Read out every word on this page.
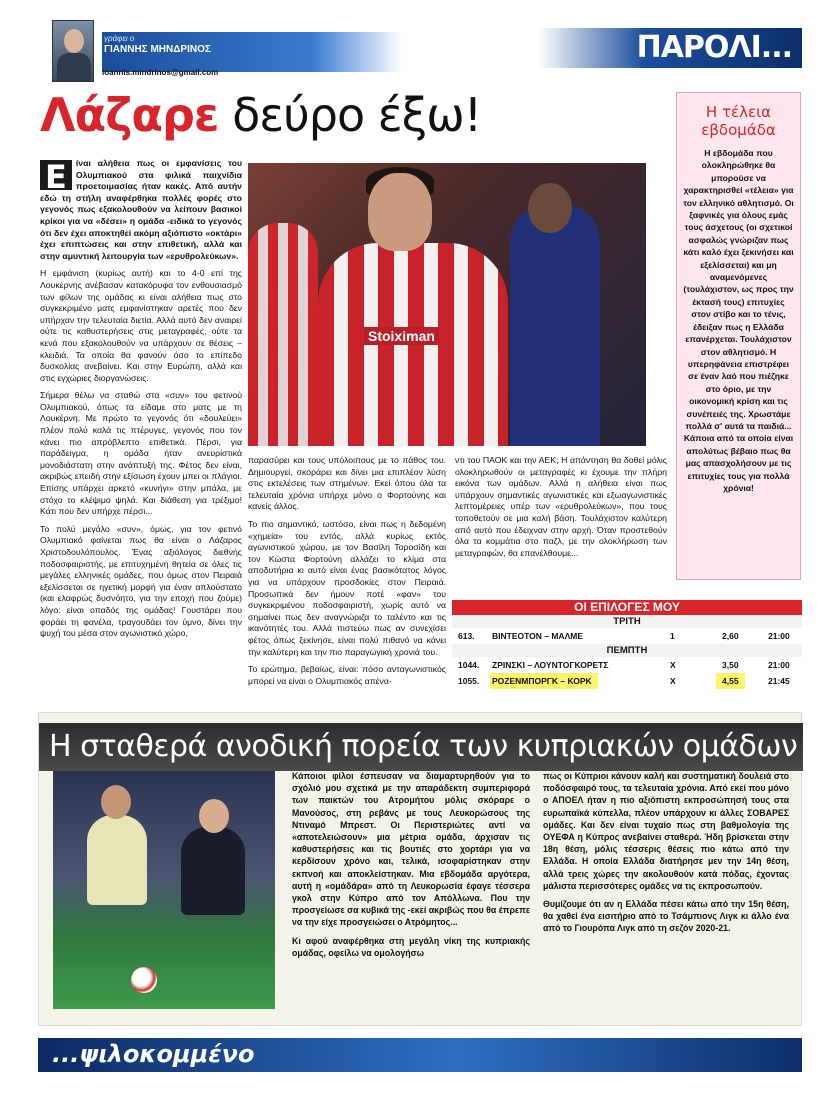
γράφει ο
ΓΙΑΝΝΗΣ ΜΗΝΔΡΙΝΟΣ
ioannis.mindrinos@gmail.com
ΠΑΡΟΛΙ...
Λάζαρε δεύρο έξω!

Ε	ίναι αλήθεια πως οι εμφανίσεις του Ολυμπιακού στα φιλικά παιχνίδια προετοιμασίας ήταν κακές. Από αυτήν εδώ τη στήλη αναφέρθηκα πολλές φορές στο γεγονός πως εξακολουθούν να λείπουν βασικοί κρίκοι για να «δέσει» η ομάδα -ειδικά το γεγονός ότι δεν έχει αποκτηθεί ακόμη αξιόπιστο «οκτάρι» έχει επιπτώσεις και στην επιθετική, αλλά και στην αμυντική λειτουργία των «ερυθρολεύκων».

Η εμφάνιση (κυρίως αυτή) και το 4-0 επί της Λουκέρνης ανέβασαν κατακόρυφα τον ενθουσιασμό των φίλων της ομάδας κι είναι αλήθεια πως στο συγκεκριμένο ματς εμφανίστηκαν αρετές που δεν υπήρχαν την τελευταία διετία. Αλλά αυτό δεν αναιρεί ούτε τις καθυστερήσεις στις μεταγραφές, ούτε τα κενά που εξακολουθούν να υπάρχουν σε θέσεις – κλειδιά. Τα οποία θα φανούν όσο το επίπεδο δυσκολίας ανεβαίνει. Και στην Ευρώπη, αλλά και στις εγχώριες διοργανώσεις.

Σήμερα θέλω να σταθώ στα «συν» του φετινού Ολυμπιακού, όπως τα είδαμε στο ματς με τη Λουκέρνη. Με πρώτο το γεγονός ότι «δουλεύει» πλέον πολύ καλά τις πτέρυγες, γεγονός που τον κάνει πιο απρόβλεπτο επιθετικά. Πέρσι, για παράδειγμα, η ομάδα ήταν ανευρίστικά μονοδιάστατη στην ανάπτυξή της. Φέτος δεν είναι, ακριβώς επειδή στην εξίσωση έχουν μπει οι πλάγιοι. Επίσης υπάρχει αρκετό «κυνήγι» στην μπάλα, με στόχο το κλέψιμο ψηλά. Και διάθεση για τρέξιμο! Κάτι που δεν υπήρχε πέρσι...

Το πολύ μεγάλο «συν», όμως, για τον φετινό Ολυμπιακό φαίνεται πως θα είναι ο Λάζαρος Χριστοδουλόπουλος. Ένας αξιόλογος διεθνής ποδοσφαιριστής, με επιτυχημένη θητεία σε όλες τις μεγάλες ελληνικές ομάδες, που όμως στον Πειραιά εξελίσσεται σε ηγετική μορφή για έναν απλούστατο (και ελαφρώς δυσνόητο, για την εποχή που ζούμε) λόγο: είναι οπαδός της ομάδας! Γουστάρει που φοράει τη φανέλα, τραγουδάει τον ύμνο, δίνει την ψυχή του μέσα στον αγωνιστικό χώρο,

Stoiximan

παρασύρει και τους υπόλοιπους με το πάθος του. Δημιουργεί, σκοράρει και δίνει μια επιπλέον λύση στις εκτελέσεις των στημένων. Εκεί όπου όλα τα τελευταία χρόνια υπήρχε μόνο ο Φορτούνης και κανείς άλλος.

Το πιο σημαντικό, ωστόσο, είναι πως η δεδομένη «χημεία» του εντός, αλλά κυρίως εκτός αγωνιστικού χώρου, με τον Βασίλη Τοροσίδη και τον Κώστα Φορτούνη αλλάζει το κλίμα στα αποδυτήρια κι αυτό είναι ένας βασικότατος λόγος για να υπάρχουν προσδοκίες στον Πειραιά. Προσωπικά δεν ήμουν ποτέ «φαν» του συγκεκριμένου ποδοσφαιριστή, χωρίς αυτό να σημαίνει πως δεν αναγνώριζα το ταλέντο και τις ικανότητές του. Αλλά πιστεύω πως αν συνεχίσει φέτος όπως ξεκίνησε, είναι πολύ πιθανό να κάνει την καλύτερη και την πιο παραγωγική χρονιά του.

Το ερώτημα, βεβαίως, είναι: πόσο ανταγωνιστικός μπορεί να είναι ο Ολυμπιακός απένα-

ντι του ΠΑΟΚ και την ΑΕΚ; Η απάντηση θα δοθεί μόλις ολοκληρωθούν οι μεταγραφές κι έχουμε την πλήρη εικόνα των ομάδων. Αλλά η αλήθεια είναι πως υπάρχουν σημαντικές αγωνιστικές και εξωαγωνιστικές λεπτομέρειες υπέρ των «ερυθρολεύκων», που τους τοποθετούν σε μια καλή βάση. Τουλάχιστον καλύτερη από αυτό που έδειχναν στην αρχή. Όταν προστεθούν όλα τα κομμάτια στο παζλ, με την ολοκλήρωση των μεταγραφών, θα επανέλθουμε...

Η τέλεια
εβδομάδα
Η εβδομάδα που ολοκληρώθηκε θα μπορούσε να χαρακτηρισθεί «τέλεια» για τον ελληνικό αθλητισμό. Οι ξαφνικές για όλους εμάς τους άσχετους (οι σχετικοί ασφαλώς γνώριζαν πως κάτι καλό έχει ξεκινήσει και εξελίσσεται) και μη αναμενόμενες (τουλάχιστον, ως προς την έκτασή τους) επιτυχίες στον στίβο και το τένις, έδειξαν πως η Ελλάδα επανέρχεται. Τουλάχιστον στον αθλητισμό. Η υπερηφάνεια επιστρέφει σε έναν λαό που πιέζηκε στο όριο, με την οικονομική κρίση και τις συνέπειές της. Χρωστάμε πολλά σ' αυτά τα παιδιά... Κάποια από τα οποία είναι απολύτως βέβαιο πως θα μας απασχολήσουν με τις επιτυχίες τους για πολλά χρόνια!
ΟΙ ΕΠΙΛΟΓΕΣ ΜΟΥ
ΤΡΙΤΗ
613. ΒΙΝΤΕΟΤΟΝ – ΜΑΛΜΕ	1	2,60	21:00
ΠΕΜΠΤΗ
1044. ΖΡΙΝΣΚΙ – ΛΟΥΝΤΟΓΚΟΡΕΤΣ	Χ	3,50	21:00
1055. ΡΟΖΕΝΜΠΟΡΓΚ – ΚΟΡΚ	Χ	4,55	21:45
Η σταθερά ανοδική πορεία των κυπριακών ομάδων

Κάποιοι φίλοι έσπευσαν να διαμαρτυρηθούν για το σχόλιό μου σχετικά με την απαράδεκτη συμπεριφορά των παικτών του Ατρομήτου μόλις σκόραρε ο Μανούσος, στη ρεβάνς με τους Λευκορώσους της Ντιναμό Μπρεστ. Οι Περιστεριώτες αντί να «αποτελειώσουν» μια μέτρια ομάδα, άρχισαν τις καθυστερήσεις και τις βουτιές στο χορτάρι για να κερδίσουν χρόνο και, τελικά, ισοφαρίστηκαν στην εκπνοή και αποκλείστηκαν. Μια εβδομάδα αργότερα, αυτή η «ομάδάρα» από τη Λευκορωσία έφαγε τέσσερα γκολ στην Κύπρο από τον Απόλλωνα. Που την προσγείωσε σα κυβικά της -εκεί ακριβώς που θα έπρεπε να την είχε προσγειώσει ο Ατρόμητος...

Κι αφού αναφέρθηκα στη μεγάλη νίκη της κυπριακής ομάδας, οφείλω να ομολογήσω

πως οι Κύπριοι κάνουν καλή και συστηματική δουλειά στο ποδόσφαιρό τους, τα τελευταία χρόνια. Από εκεί που μόνο ο ΑΠΟΕΛ ήταν η πιο αξιόπιστη εκπροσώπησή τους στα ευρωπαϊκά κύπελλα, πλέον υπάρχουν κι άλλες ΣΟΒΑΡΕΣ ομάδες. Και δεν είναι τυχαίο πως στη βαθμολογία της ΟΥΕΦΑ η Κύπρος ανεβαίνει σταθερά. Ήδη βρίσκεται στην 18η θέση, μόλις τέσσερις θέσεις πιο κάτω από την Ελλάδα. Η οποία Ελλάδα διατήρησε μεν την 14η θέση, αλλά τρεις χώρες την ακολουθούν κατά πόδας, έχοντας μάλιστα περισσότερες ομάδες να τις εκπροσωπούν.

Θυμίζουμε ότι αν η Ελλάδα πέσει κάτω από την 15η θέση, θα χαθεί ένα εισιτήριο από το Τσάμπιονς Λιγκ κι άλλο ένα από το Γιουρόπα Λιγκ από τη σεζόν 2020-21.

...ψιλοκομμένο
